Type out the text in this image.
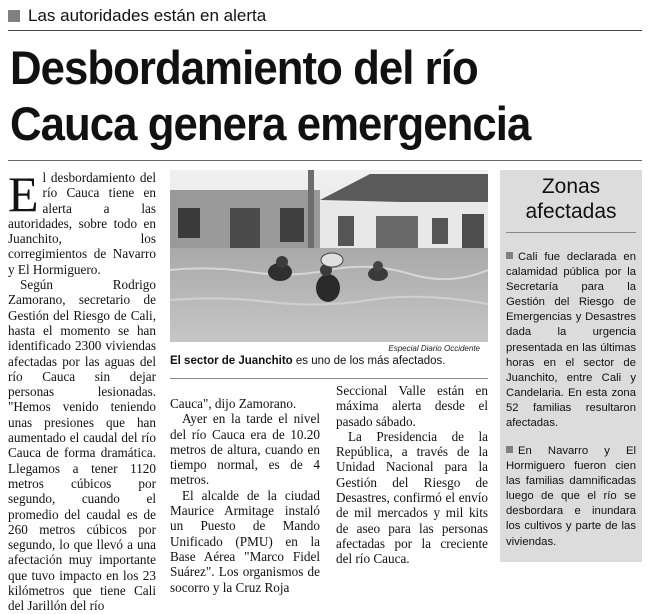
Las autoridades están en alerta
Desbordamiento del río
Cauca genera emergencia

El desbordamiento del río Cauca tiene en alerta a las autoridades, sobre todo en Juanchito, los corregimientos de Navarro y El Hormiguero.

Según Rodrigo Zamorano, secretario de Gestión del Riesgo de Cali, hasta el momento se han identificado 2300 viviendas afectadas por las aguas del río Cauca sin dejar personas lesionadas. "Hemos venido teniendo unas presiones que han aumentado el caudal del río Cauca de forma dramática. Llegamos a tener 1120 metros cúbicos por segundo, cuando el promedio del caudal es de 260 metros cúbicos por segundo, lo que llevó a una afectación muy importante que tuvo impacto en los 23 kilómetros que tiene Cali del Jarillón del río

Especial Diario Occidente
El sector de Juanchito es uno de los más afectados.

Cauca", dijo Zamorano.

Ayer en la tarde el nivel del río Cauca era de 10.20 metros de altura, cuando en tiempo normal, es de 4 metros.

El alcalde de la ciudad Maurice Armitage instaló un Puesto de Mando Unificado (PMU) en la Base Aérea "Marco Fidel Suárez". Los organismos de socorro y la Cruz Roja

Seccional Valle están en máxima alerta desde el pasado sábado.

La Presidencia de la República, a través de la Unidad Nacional para la Gestión del Riesgo de Desastres, confirmó el envío de mil mercados y mil kits de aseo para las personas afectadas por la creciente del río Cauca.

Zonas afectadas
Cali fue declarada en calamidad pública por la Secretaría para la Gestión del Riesgo de Emergencias y Desastres dada la urgencia presentada en las últimas horas en el sector de Juanchito, entre Cali y Candelaria. En esta zona 52 familias resultaron afectadas.
En Navarro y El Hormiguero fueron cien las familias damnificadas luego de que el río se desbordara e inundara los cultivos y parte de las viviendas.
